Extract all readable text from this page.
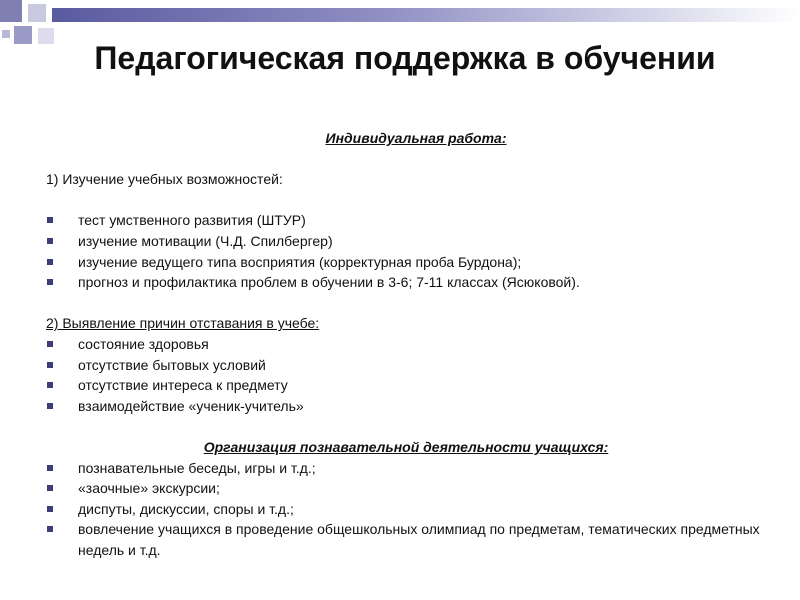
Педагогическая поддержка в обучении

Индивидуальная работа:

1) Изучение учебных возможностей:

тест умственного развития (ШТУР)
изучение мотивации (Ч.Д. Спилбергер)
изучение ведущего типа восприятия (корректурная проба Бурдона);
прогноз и профилактика проблем в обучении в 3-6; 7-11 классах (Ясюковой).

2) Выявление причин отставания в учебе:

состояние здоровья
отсутствие бытовых условий
отсутствие интереса к предмету
взаимодействие «ученик-учитель»

Организация познавательной деятельности учащихся:

познавательные беседы, игры и т.д.;
«заочные» экскурсии;
диспуты, дискуссии, споры и т.д.;
вовлечение учащихся в проведение общешкольных олимпиад по предметам, тематических предметных недель и т.д.
